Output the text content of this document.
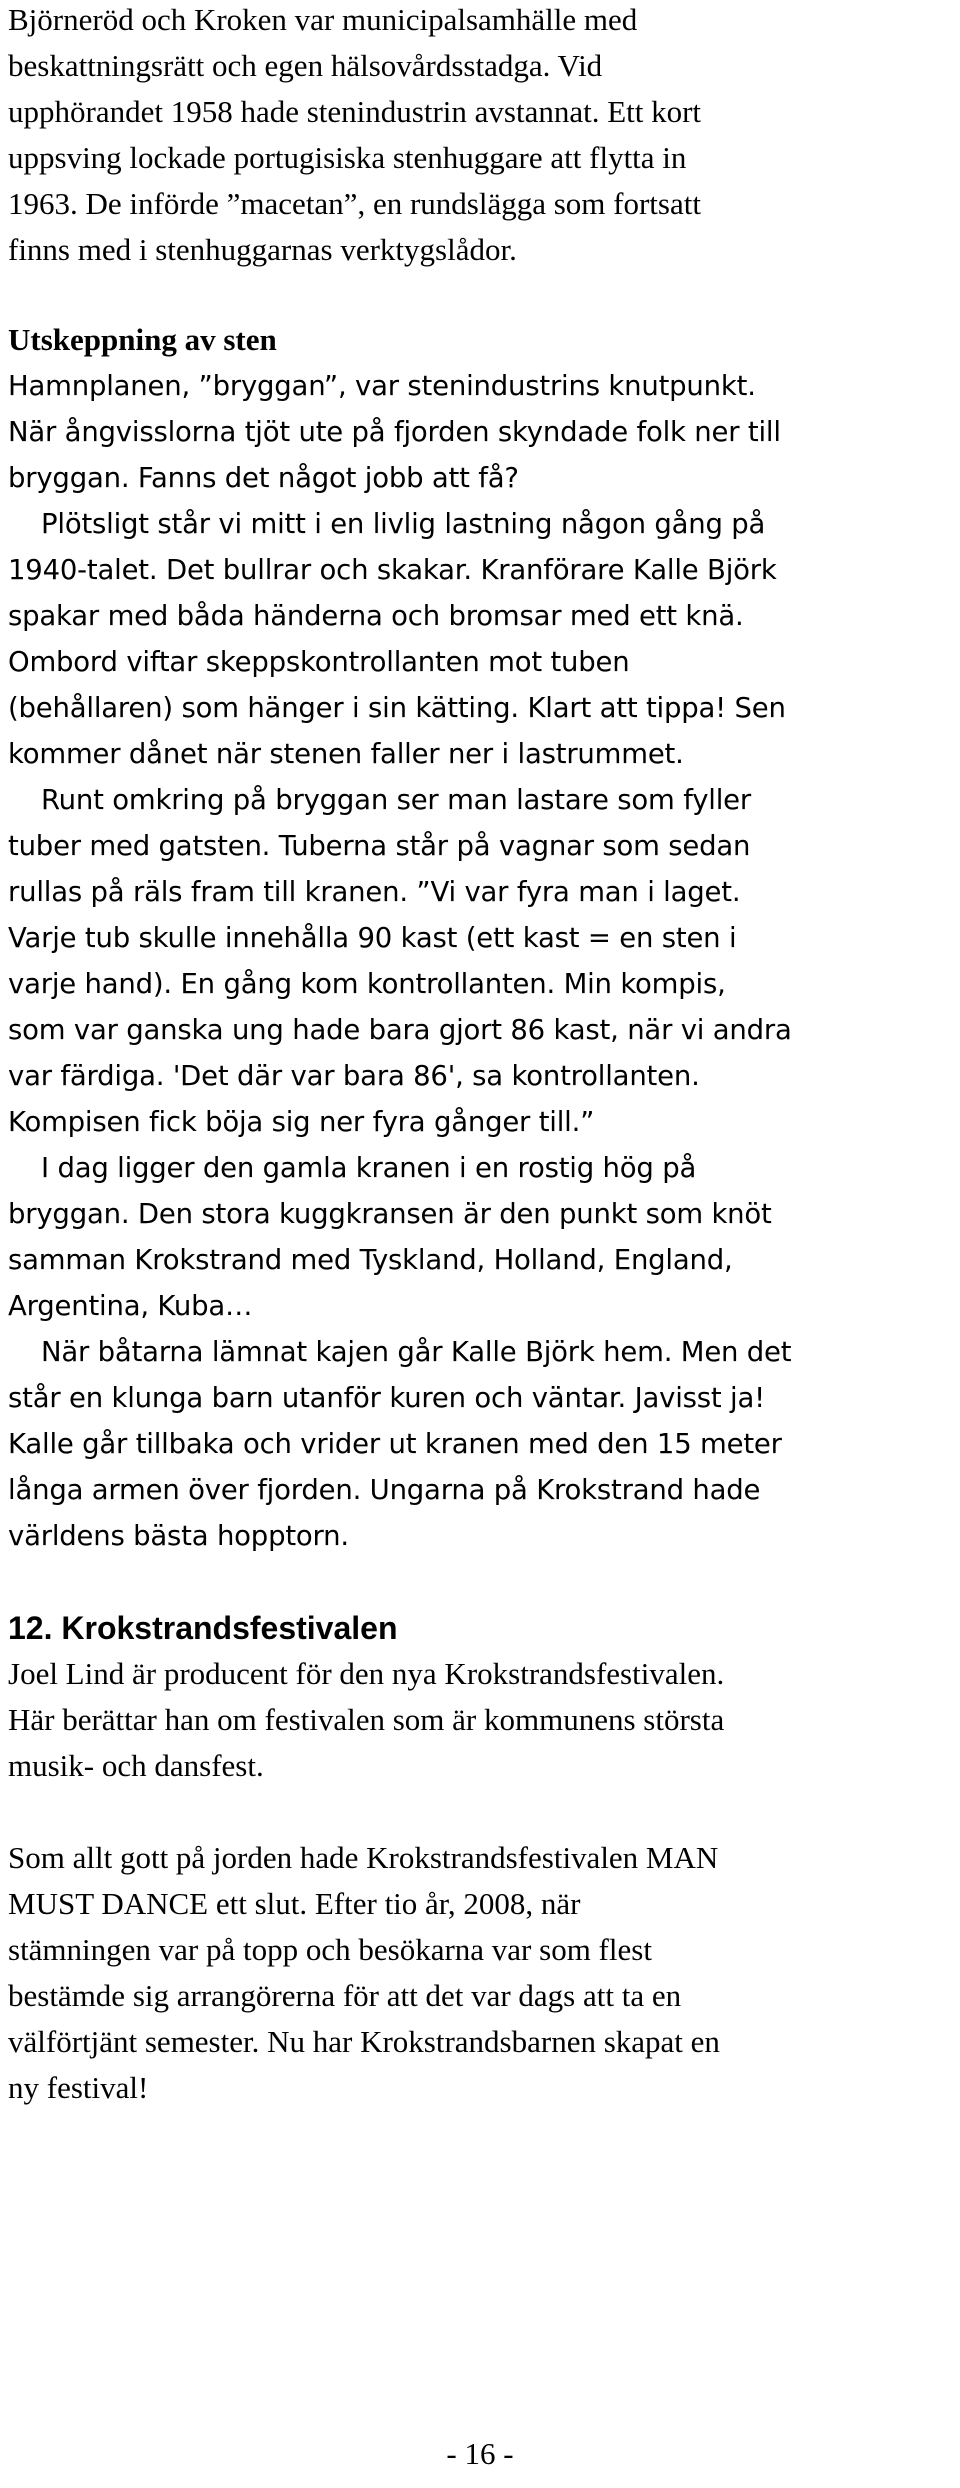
Björneröd och Kroken var municipalsamhälle med
beskattningsrätt och egen hälsovårdsstadga. Vid
upphörandet 1958 hade stenindustrin avstannat. Ett kort
uppsving lockade portugisiska stenhuggare att flytta in
1963. De införde ”macetan”, en rundslägga som fortsatt
finns med i stenhuggarnas verktygslådor.
Utskeppning av sten
Hamnplanen, ”bryggan”, var stenindustrins knutpunkt.
När ångvisslorna tjöt ute på fjorden skyndade folk ner till
bryggan. Fanns det något jobb att få?
Plötsligt står vi mitt i en livlig lastning någon gång på
1940-talet. Det bullrar och skakar. Kranförare Kalle Björk
spakar med båda händerna och bromsar med ett knä.
Ombord viftar skeppskontrollanten mot tuben
(behållaren) som hänger i sin kätting. Klart att tippa! Sen
kommer dånet när stenen faller ner i lastrummet.
Runt omkring på bryggan ser man lastare som fyller
tuber med gatsten. Tuberna står på vagnar som sedan
rullas på räls fram till kranen. ”Vi var fyra man i laget.
Varje tub skulle innehålla 90 kast (ett kast = en sten i
varje hand). En gång kom kontrollanten. Min kompis,
som var ganska ung hade bara gjort 86 kast, när vi andra
var färdiga. 'Det där var bara 86', sa kontrollanten.
Kompisen fick böja sig ner fyra gånger till.”
I dag ligger den gamla kranen i en rostig hög på
bryggan. Den stora kuggkransen är den punkt som knöt
samman Krokstrand med Tyskland, Holland, England,
Argentina, Kuba…
När båtarna lämnat kajen går Kalle Björk hem. Men det
står en klunga barn utanför kuren och väntar. Javisst ja!
Kalle går tillbaka och vrider ut kranen med den 15 meter
långa armen över fjorden. Ungarna på Krokstrand hade
världens bästa hopptorn.
12. Krokstrandsfestivalen
Joel Lind är producent för den nya Krokstrandsfestivalen.
Här berättar han om festivalen som är kommunens största
musik- och dansfest.
Som allt gott på jorden hade Krokstrandsfestivalen MAN
MUST DANCE ett slut. Efter tio år, 2008, när
stämningen var på topp och besökarna var som flest
bestämde sig arrangörerna för att det var dags att ta en
välförtjänt semester. Nu har Krokstrandsbarnen skapat en
ny festival!
- 16 -
